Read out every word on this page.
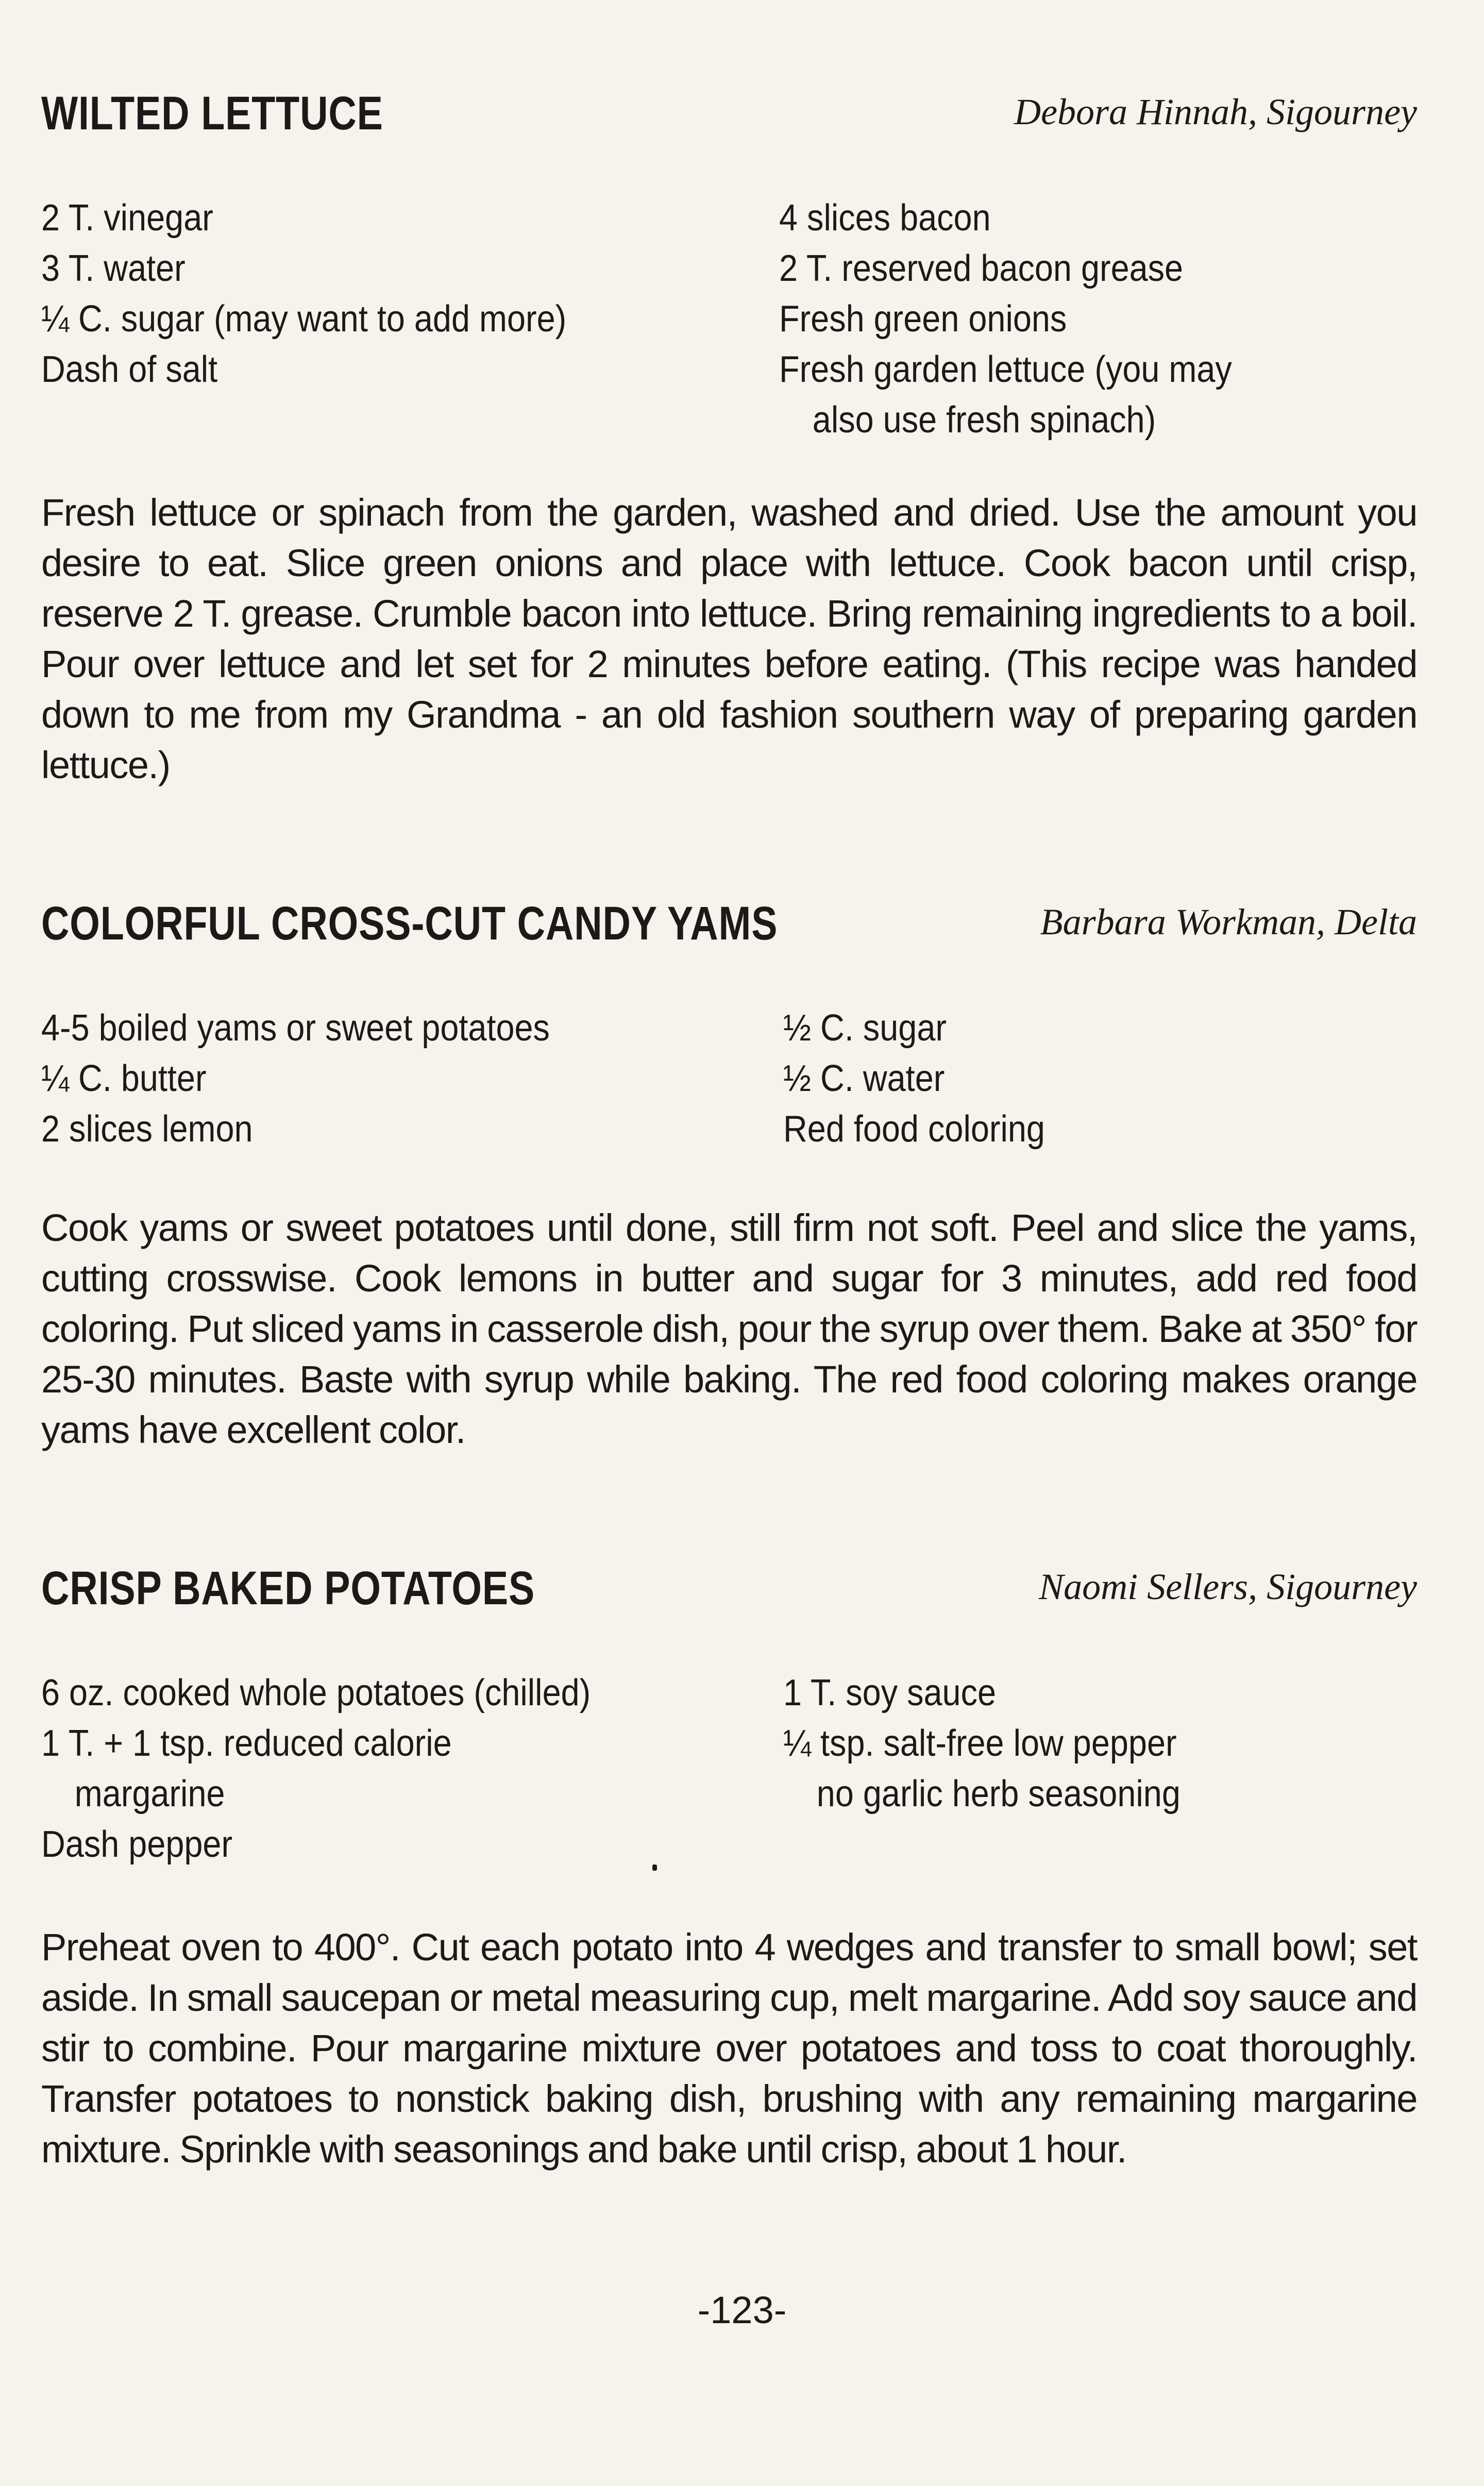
WILTED LETTUCE	Debora Hinnah, Sigourney
2 T. vinegar
3 T. water
¼ C. sugar (may want to add more)
Dash of salt
4 slices bacon
2 T. reserved bacon grease
Fresh green onions
Fresh garden lettuce (you may
also use fresh spinach)

Fresh lettuce or spinach from the garden, washed and dried. Use the amount you desire to eat. Slice green onions and place with lettuce. Cook bacon until crisp, reserve 2 T. grease. Crumble bacon into lettuce. Bring remaining ingredients to a boil. Pour over lettuce and let set for 2 minutes before eating. (This recipe was handed down to me from my Grandma - an old fashion southern way of preparing garden lettuce.)

COLORFUL CROSS-CUT CANDY YAMS	Barbara Workman, Delta
4-5 boiled yams or sweet potatoes
¼ C. butter
2 slices lemon
½ C. sugar
½ C. water
Red food coloring

Cook yams or sweet potatoes until done, still firm not soft. Peel and slice the yams, cutting crosswise. Cook lemons in butter and sugar for 3 minutes, add red food coloring. Put sliced yams in casserole dish, pour the syrup over them. Bake at 350° for 25-30 minutes. Baste with syrup while baking. The red food coloring makes orange yams have excellent color.

CRISP BAKED POTATOES	Naomi Sellers, Sigourney
6 oz. cooked whole potatoes (chilled)
1 T. + 1 tsp. reduced calorie
margarine
Dash pepper
1 T. soy sauce
¼ tsp. salt-free low pepper
no garlic herb seasoning

Preheat oven to 400°. Cut each potato into 4 wedges and transfer to small bowl; set aside. In small saucepan or metal measuring cup, melt margarine. Add soy sauce and stir to combine. Pour margarine mixture over potatoes and toss to coat thoroughly. Transfer potatoes to nonstick baking dish, brushing with any remaining margarine mixture. Sprinkle with seasonings and bake until crisp, about 1 hour.

-123-
